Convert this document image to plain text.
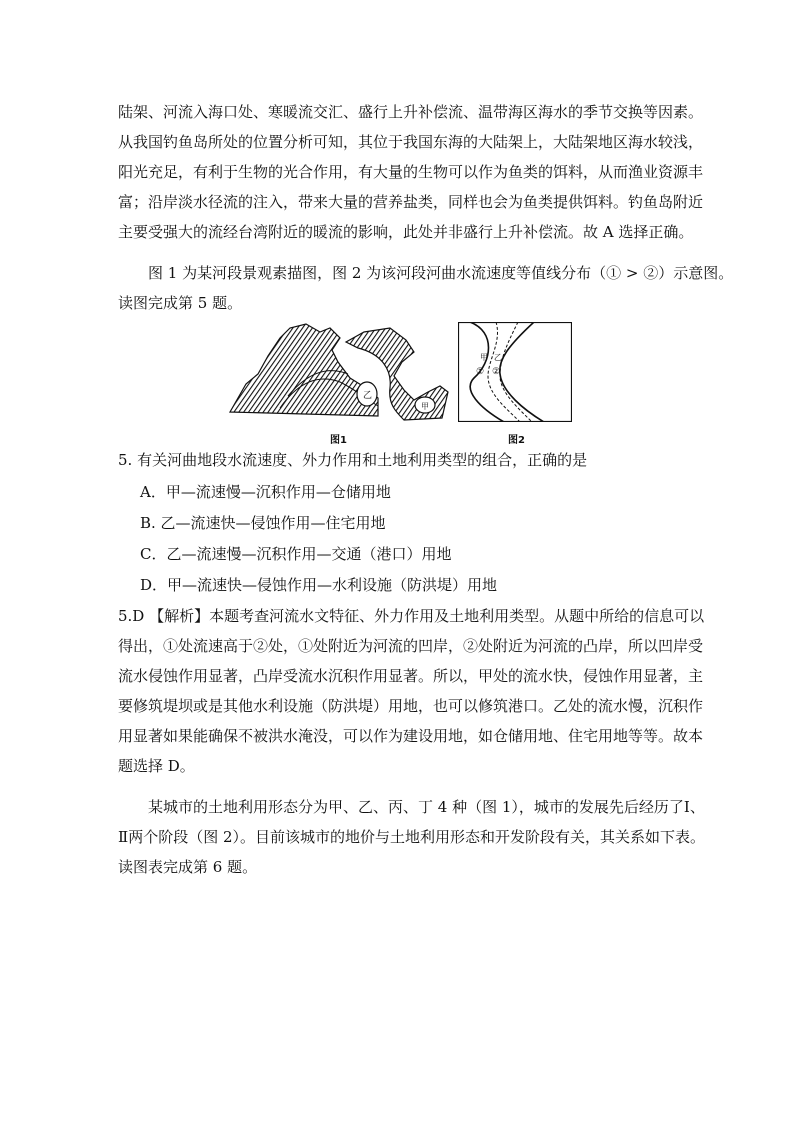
陆架、河流入海口处、寒暖流交汇、盛行上升补偿流、温带海区海水的季节交换等因素。
从我国钓鱼岛所处的位置分析可知，其位于我国东海的大陆架上，大陆架地区海水较浅，
阳光充足，有利于生物的光合作用，有大量的生物可以作为鱼类的饵料，从而渔业资源丰
富；沿岸淡水径流的注入，带来大量的营养盐类，同样也会为鱼类提供饵料。钓鱼岛附近
主要受强大的流经台湾附近的暖流的影响，此处并非盛行上升补偿流。故 A 选择正确。
图 1 为某河段景观素描图，图 2 为该河段河曲水流速度等值线分布（① > ②）示意图。
读图完成第 5 题。
乙
甲
图1
甲 乙
① ②
图2
5. 有关河曲地段水流速度、外力作用和土地利用类型的组合，正确的是
A．甲—流速慢—沉积作用—仓储用地
B. 乙—流速快—侵蚀作用—住宅用地
C．乙—流速慢—沉积作用—交通（港口）用地
D．甲—流速快—侵蚀作用—水利设施（防洪堤）用地
5.D 【解析】本题考查河流水文特征、外力作用及土地利用类型。从题中所给的信息可以
得出，①处流速高于②处，①处附近为河流的凹岸，②处附近为河流的凸岸，所以凹岸受
流水侵蚀作用显著，凸岸受流水沉积作用显著。所以，甲处的流水快，侵蚀作用显著，主
要修筑堤坝或是其他水利设施（防洪堤）用地，也可以修筑港口。乙处的流水慢，沉积作
用显著如果能确保不被洪水淹没，可以作为建设用地，如仓储用地、住宅用地等等。故本
题选择 D。
某城市的土地利用形态分为甲、乙、丙、丁 4 种（图 1），城市的发展先后经历了Ⅰ、
Ⅱ两个阶段（图 2）。目前该城市的地价与土地利用形态和开发阶段有关，其关系如下表。
读图表完成第 6 题。
